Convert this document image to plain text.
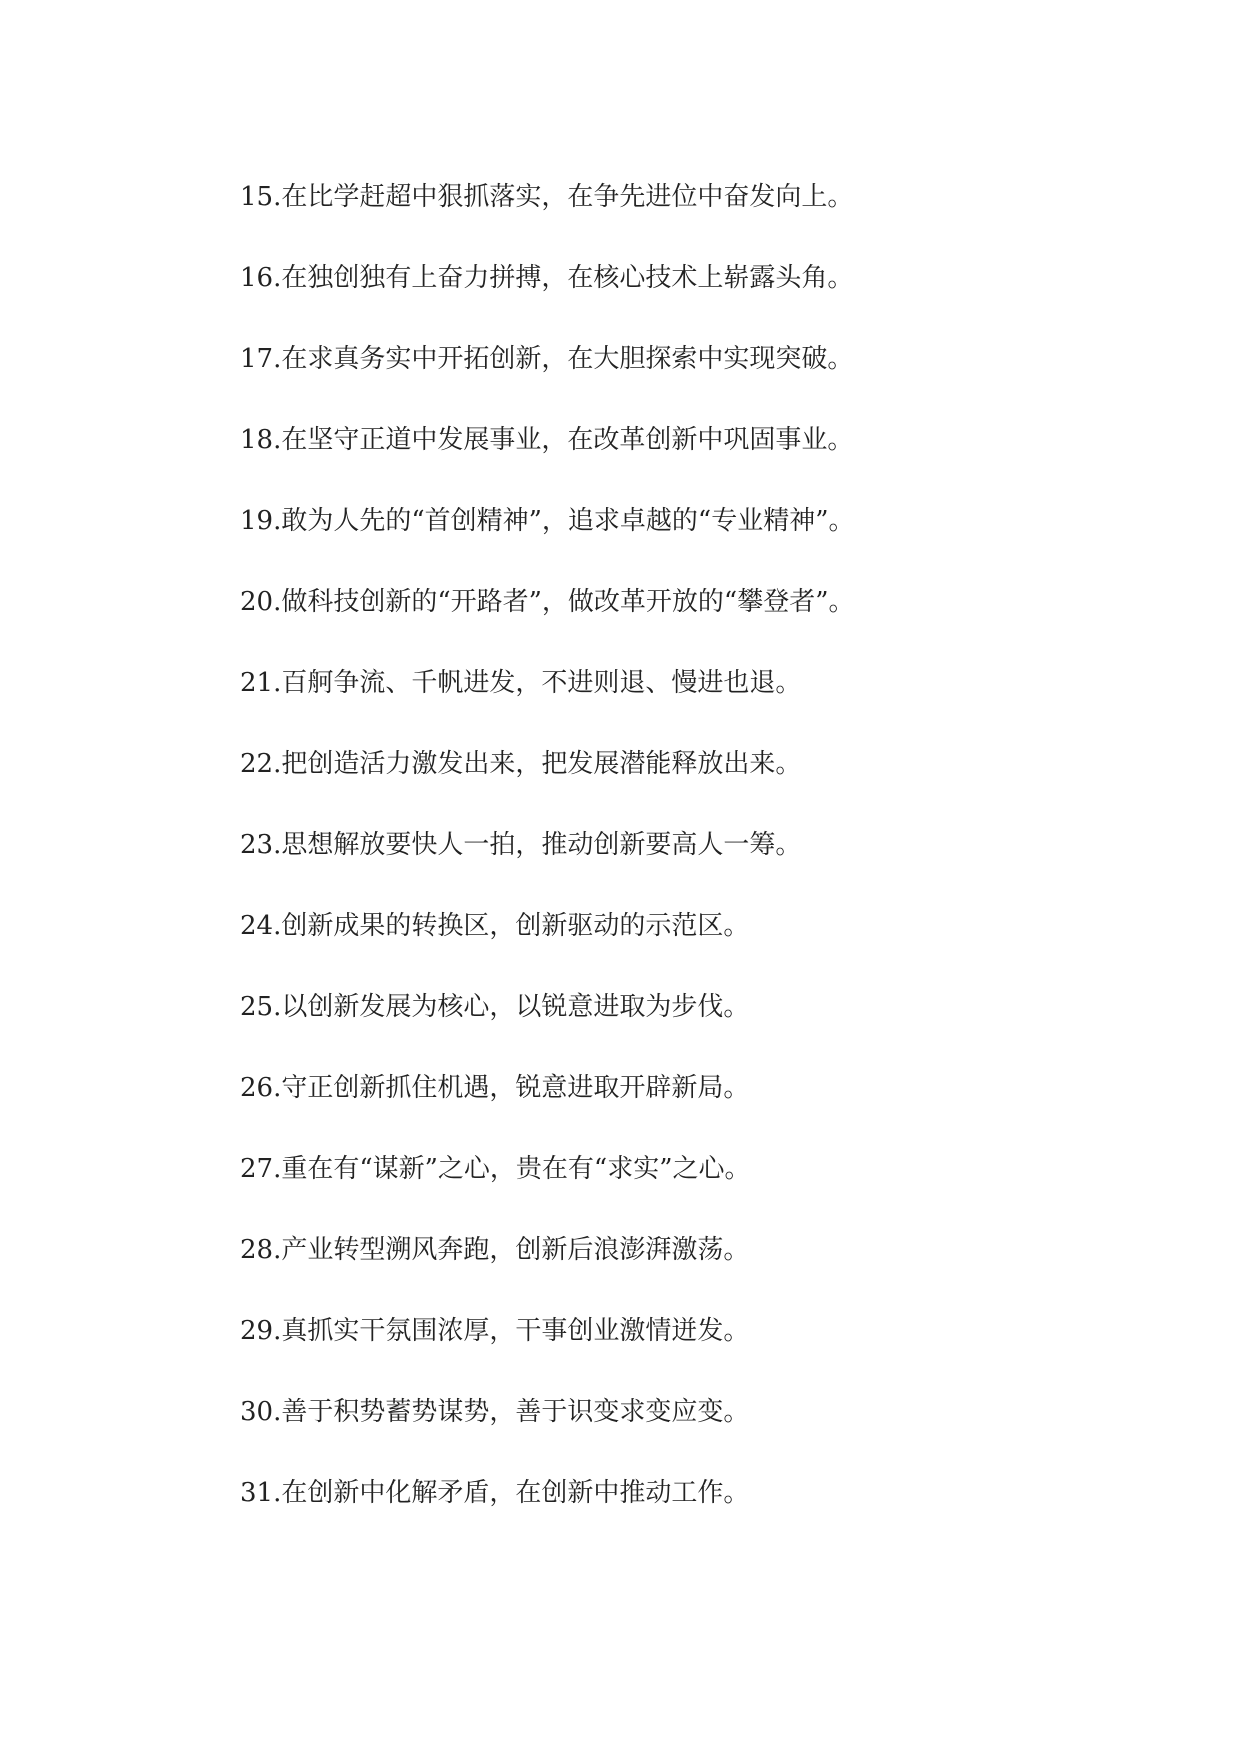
15.在比学赶超中狠抓落实，在争先进位中奋发向上。
16.在独创独有上奋力拼搏，在核心技术上崭露头角。
17.在求真务实中开拓创新，在大胆探索中实现突破。
18.在坚守正道中发展事业，在改革创新中巩固事业。
19.敢为人先的“首创精神”，追求卓越的“专业精神”。
20.做科技创新的“开路者”，做改革开放的“攀登者”。
21.百舸争流、千帆进发，不进则退、慢进也退。
22.把创造活力激发出来，把发展潜能释放出来。
23.思想解放要快人一拍，推动创新要高人一筹。
24.创新成果的转换区，创新驱动的示范区。
25.以创新发展为核心，以锐意进取为步伐。
26.守正创新抓住机遇，锐意进取开辟新局。
27.重在有“谋新”之心，贵在有“求实”之心。
28.产业转型溯风奔跑，创新后浪澎湃激荡。
29.真抓实干氛围浓厚，干事创业激情迸发。
30.善于积势蓄势谋势，善于识变求变应变。
31.在创新中化解矛盾，在创新中推动工作。
